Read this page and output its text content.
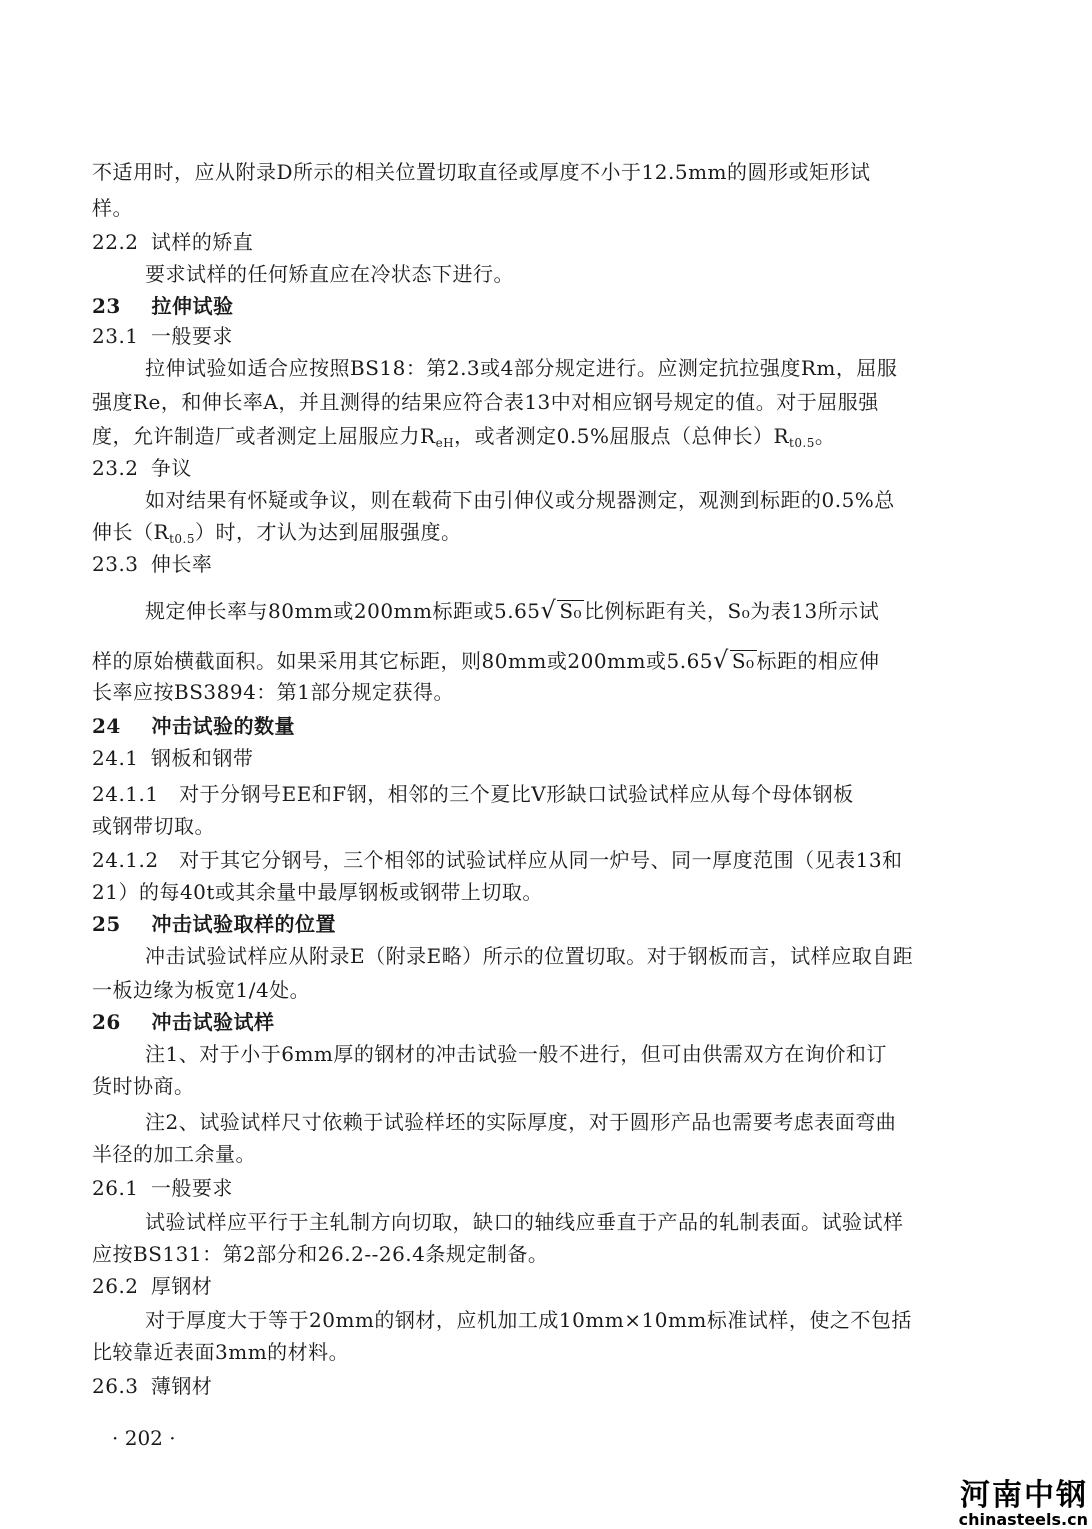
不适用时，应从附录D所示的相关位置切取直径或厚度不小于12.5mm的圆形或矩形试
样。
22.2 试样的矫直
要求试样的任何矫直应在冷状态下进行。
23 拉伸试验
23.1 一般要求
拉伸试验如适合应按照BS18：第2.3或4部分规定进行。应测定抗拉强度Rm，屈服
强度Re，和伸长率A，并且测得的结果应符合表13中对相应钢号规定的值。对于屈服强
度，允许制造厂或者测定上屈服应力$R_{eH}$，或者测定0.5%屈服点（总伸长）$R_{t0.5}$。
23.2 争议
如对结果有怀疑或争议，则在载荷下由引伸仪或分规器测定，观测到标距的0.5%总
伸长$(R_{t0.5})$时，才认为达到屈服强度。
23.3 伸长率
规定伸长率与80mm或200mm标距或5.65√ S₀ 比例标距有关，S₀为表13所示试
样的原始横截面积。如果采用其它标距，则80mm或200mm或5.65√ S₀ 标距的相应伸
长率应按BS3894：第1部分规定获得。
24 冲击试验的数量
24.1 钢板和钢带
24.1.1　对于分钢号EE和F钢，相邻的三个夏比V形缺口试验试样应从每个母体钢板
或钢带切取。
24.1.2　对于其它分钢号，三个相邻的试验试样应从同一炉号、同一厚度范围（见表13和
21）的每40t或其余量中最厚钢板或钢带上切取。
25 冲击试验取样的位置
冲击试验试样应从附录E（附录E略）所示的位置切取。对于钢板而言，试样应取自距
一板边缘为板宽1/4处。
26 冲击试验试样
注1、对于小于6mm厚的钢材的冲击试验一般不进行，但可由供需双方在询价和订
货时协商。
注2、试验试样尺寸依赖于试验样坯的实际厚度，对于圆形产品也需要考虑表面弯曲
半径的加工余量。
26.1 一般要求
试验试样应平行于主轧制方向切取，缺口的轴线应垂直于产品的轧制表面。试验试样
应按BS131：第2部分和26.2--26.4条规定制备。
26.2 厚钢材
对于厚度大于等于20mm的钢材，应机加工成10mm×10mm标准试样，使之不包括
比较靠近表面3mm的材料。
26.3 薄钢材
· 202 ·
河南中钢
chinasteels.cn
